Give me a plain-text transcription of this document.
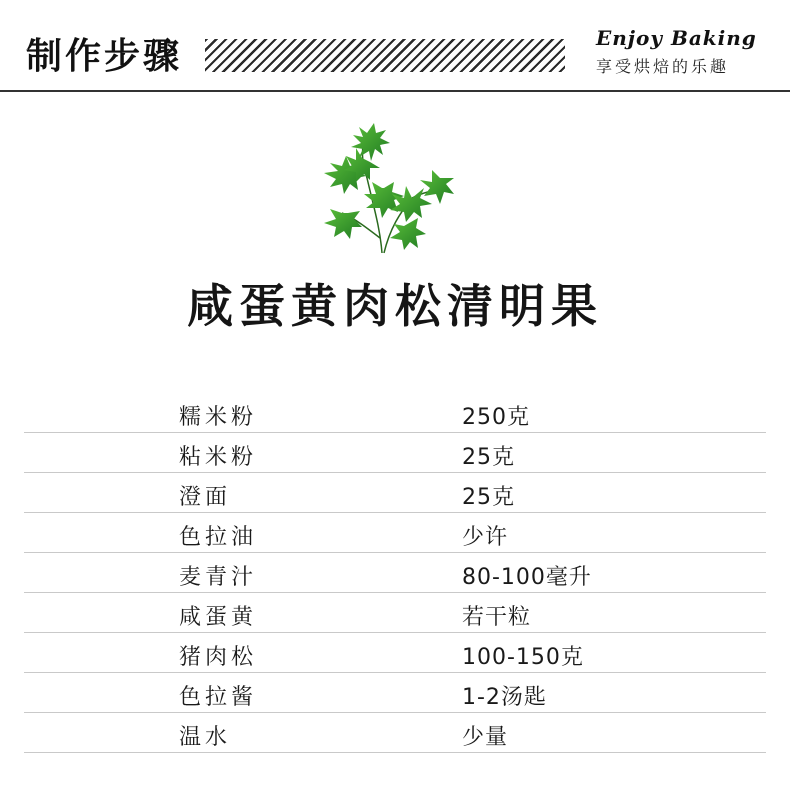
制作步骤	Enjoy Baking
享受烘焙的乐趣
咸蛋黄肉松清明果
糯米粉	250克
粘米粉	25克
澄面	25克
色拉油	少许
麦青汁	80-100毫升
咸蛋黄	若干粒
猪肉松	100-150克
色拉酱	1-2汤匙
温水	少量
